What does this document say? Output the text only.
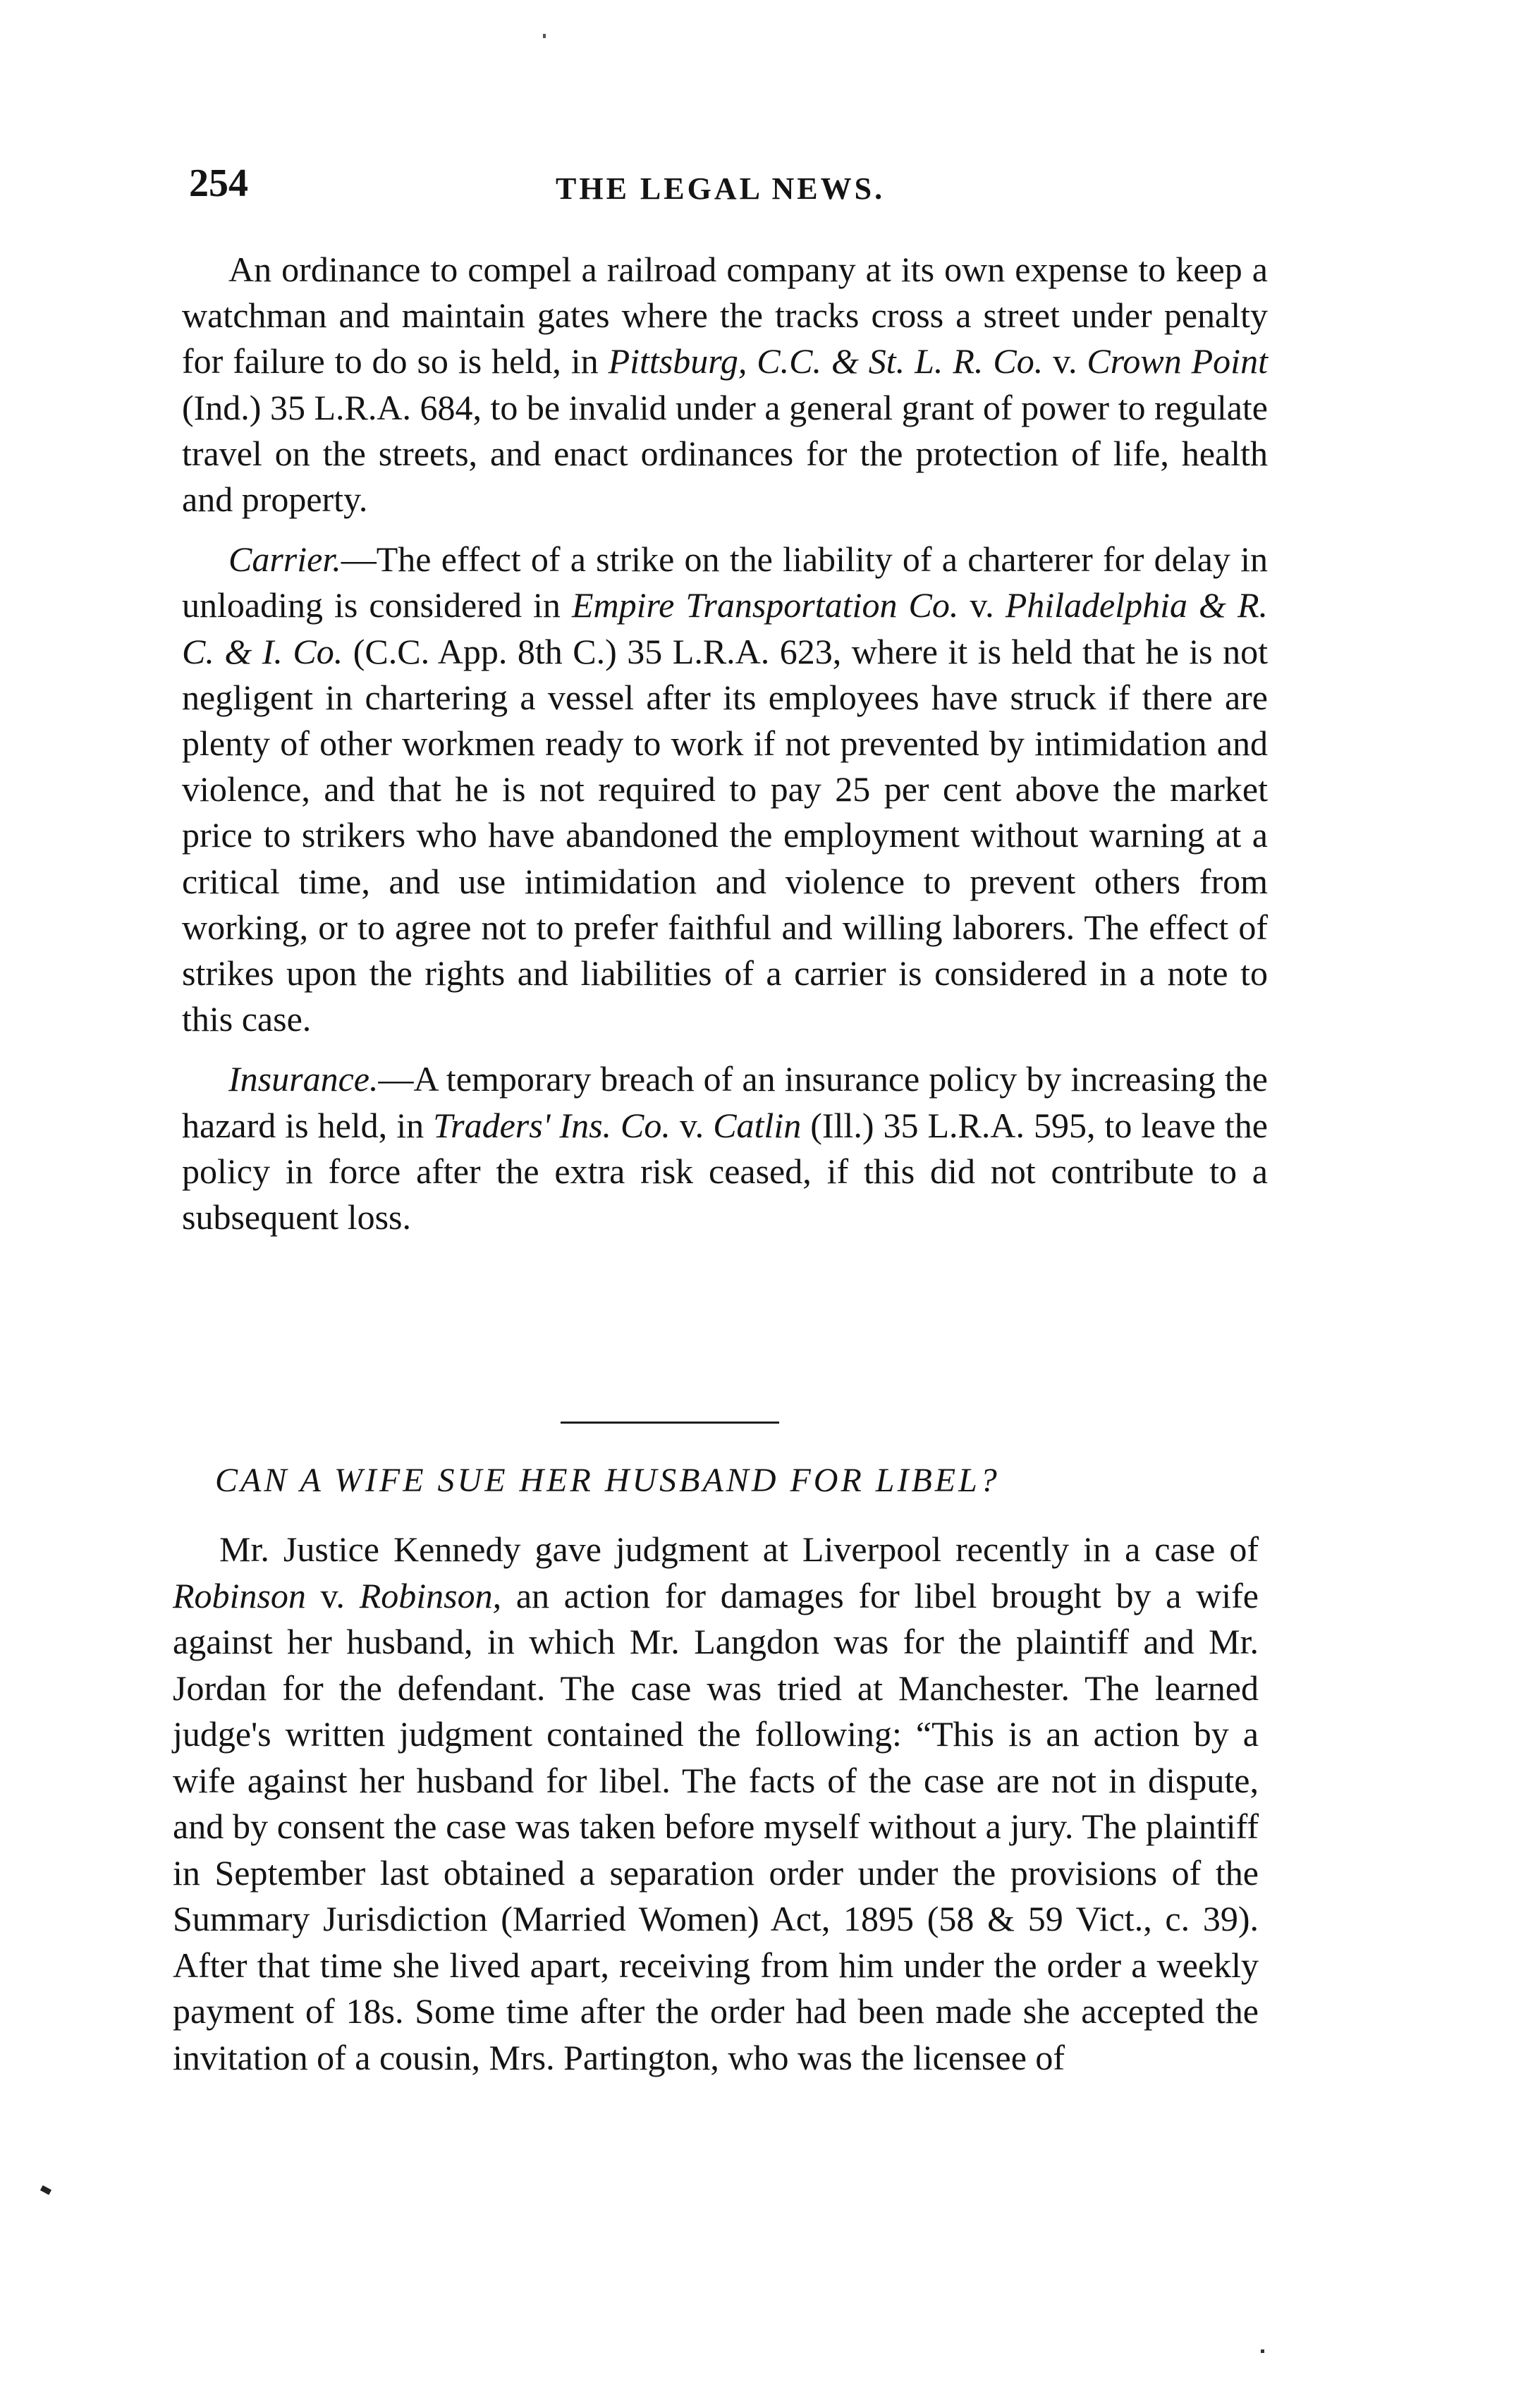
254	THE LEGAL NEWS.

An ordinance to compel a railroad company at its own expense to keep a watchman and maintain gates where the tracks cross a street under penalty for failure to do so is held, in Pittsburg, C.C. & St. L. R. Co. v. Crown Point (Ind.) 35 L.R.A. 684, to be invalid under a general grant of power to regulate travel on the streets, and enact ordinances for the protection of life, health and property.

Carrier.—The effect of a strike on the liability of a charterer for delay in unloading is considered in Empire Transportation Co. v. Philadelphia & R. C. & I. Co. (C.C. App. 8th C.) 35 L.R.A. 623, where it is held that he is not negligent in chartering a vessel after its employees have struck if there are plenty of other workmen ready to work if not prevented by intimidation and violence, and that he is not required to pay 25 per cent above the market price to strikers who have abandoned the employment without warning at a critical time, and use intimidation and violence to prevent others from working, or to agree not to prefer faithful and willing laborers. The effect of strikes upon the rights and liabilities of a carrier is considered in a note to this case.

Insurance.—A temporary breach of an insurance policy by increasing the hazard is held, in Traders' Ins. Co. v. Catlin (Ill.) 35 L.R.A. 595, to leave the policy in force after the extra risk ceased, if this did not contribute to a subsequent loss.

CAN A WIFE SUE HER HUSBAND FOR LIBEL?

Mr. Justice Kennedy gave judgment at Liverpool recently in a case of Robinson v. Robinson, an action for damages for libel brought by a wife against her husband, in which Mr. Langdon was for the plaintiff and Mr. Jordan for the defendant. The case was tried at Manchester. The learned judge's written judgment contained the following: “This is an action by a wife against her husband for libel. The facts of the case are not in dispute, and by consent the case was taken before myself without a jury. The plaintiff in September last obtained a separation order under the provisions of the Summary Jurisdiction (Married Women) Act, 1895 (58 & 59 Vict., c. 39). After that time she lived apart, receiving from him under the order a weekly payment of 18s. Some time after the order had been made she accepted the invitation of a cousin, Mrs. Partington, who was the licensee of
